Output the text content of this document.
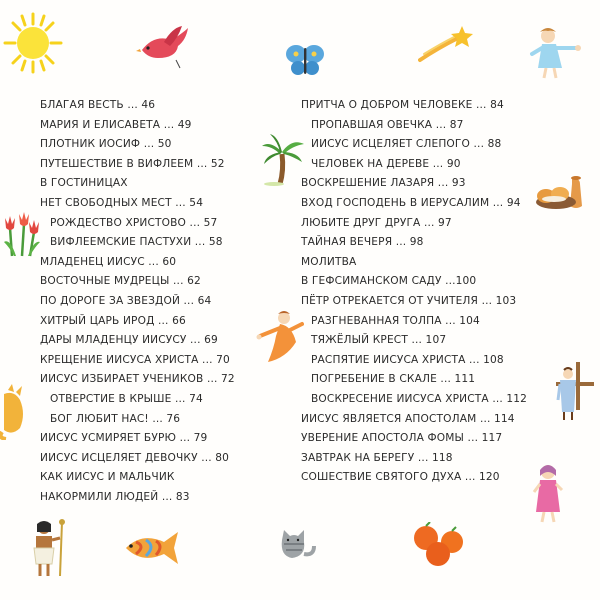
БЛАГАЯ ВЕСТЬ ... 46
МАРИЯ И ЕЛИСАВЕТА ... 49
ПЛОТНИК ИОСИФ ... 50
ПУТЕШЕСТВИЕ В ВИФЛЕЕМ ... 52
В ГОСТИНИЦАХ
НЕТ СВОБОДНЫХ МЕСТ ... 54
РОЖДЕСТВО ХРИСТОВО ... 57
ВИФЛЕЕМСКИЕ ПАСТУХИ ... 58
МЛАДЕНЕЦ ИИСУС ... 60
ВОСТОЧНЫЕ МУДРЕЦЫ ... 62
ПО ДОРОГЕ ЗА ЗВЕЗДОЙ ... 64
ХИТРЫЙ ЦАРЬ ИРОД ... 66
ДАРЫ МЛАДЕНЦУ ИИСУСУ ... 69
КРЕЩЕНИЕ ИИСУСА ХРИСТА ... 70
ИИСУС ИЗБИРАЕТ УЧЕНИКОВ ... 72
ОТВЕРСТИЕ В КРЫШЕ ... 74
БОГ ЛЮБИТ НАС! ... 76
ИИСУС УСМИРЯЕТ БУРЮ ... 79
ИИСУС ИСЦЕЛЯЕТ ДЕВОЧКУ ... 80
КАК ИИСУС И МАЛЬЧИК
НАКОРМИЛИ ЛЮДЕЙ ... 83
ПРИТЧА О ДОБРОМ ЧЕЛОВЕКЕ ... 84
ПРОПАВШАЯ ОВЕЧКА ... 87
ИИСУС ИСЦЕЛЯЕТ СЛЕПОГО ... 88
ЧЕЛОВЕК НА ДЕРЕВЕ ... 90
ВОСКРЕШЕНИЕ ЛАЗАРЯ ... 93
ВХОД ГОСПОДЕНЬ В ИЕРУСАЛИМ ... 94
ЛЮБИТЕ ДРУГ ДРУГА ... 97
ТАЙНАЯ ВЕЧЕРЯ ... 98
МОЛИТВА
В ГЕФСИМАНСКОМ САДУ ...100
ПЁТР ОТРЕКАЕТСЯ ОТ УЧИТЕЛЯ ... 103
РАЗГНЕВАННАЯ ТОЛПА ... 104
ТЯЖЁЛЫЙ КРЕСТ ... 107
РАСПЯТИЕ ИИСУСА ХРИСТА ... 108
ПОГРЕБЕНИЕ В СКАЛЕ ... 111
ВОСКРЕСЕНИЕ ИИСУСА ХРИСТА ... 112
ИИСУС ЯВЛЯЕТСЯ АПОСТОЛАМ ... 114
УВЕРЕНИЕ АПОСТОЛА ФОМЫ ... 117
ЗАВТРАК НА БЕРЕГУ ... 118
СОШЕСТВИЕ СВЯТОГО ДУХА ... 120
